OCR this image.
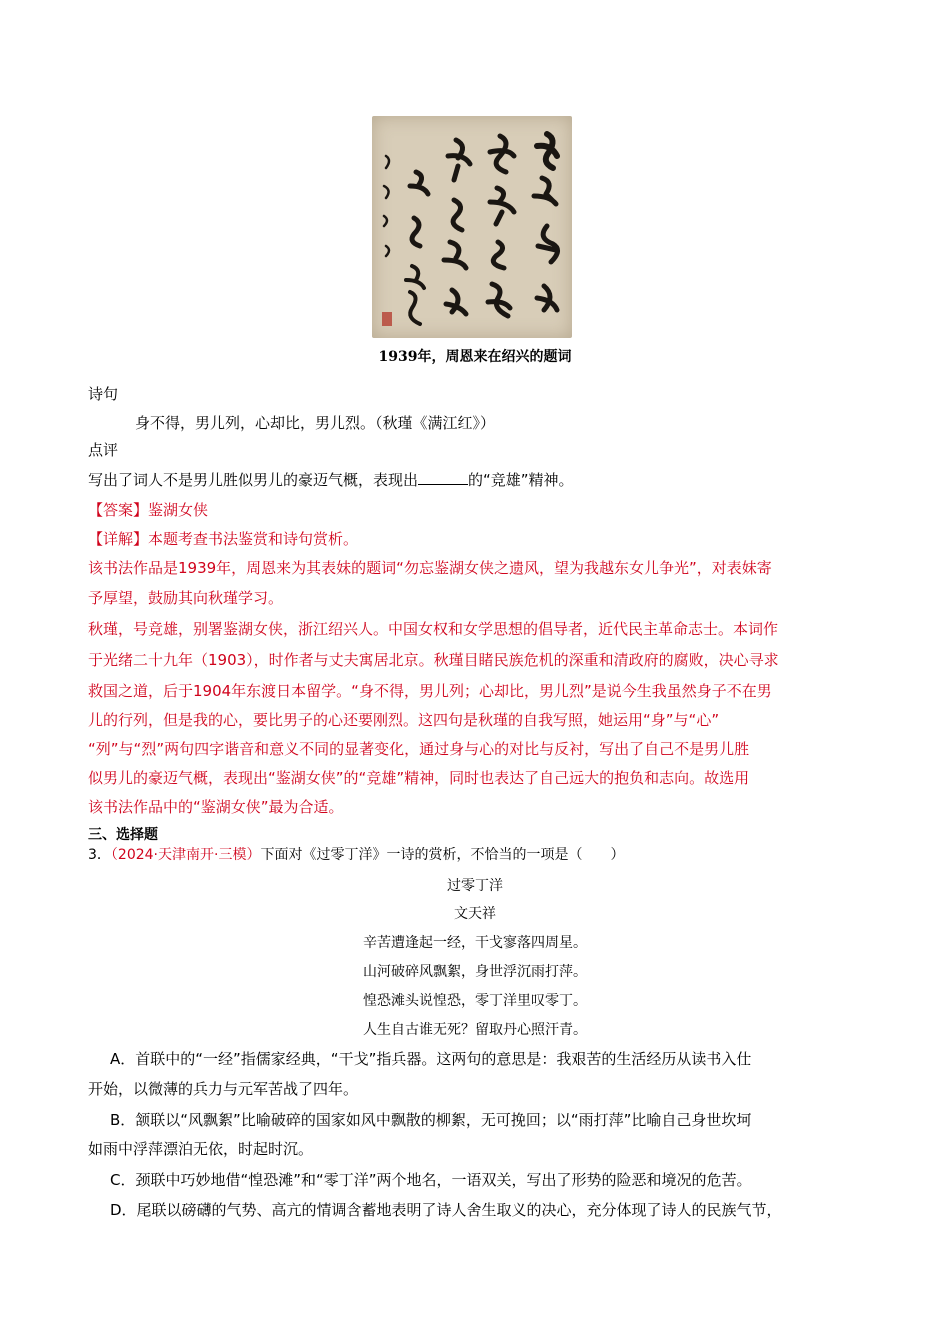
1939年，周恩来在绍兴的题词
诗句
身不得，男儿列，心却比，男儿烈。（秋瑾《满江红》）
点评
写出了词人不是男儿胜似男儿的豪迈气概，表现出	的“竞雄”精神。
【答案】鉴湖女侠
【详解】本题考查书法鉴赏和诗句赏析。
该书法作品是1939年，周恩来为其表妹的题词“勿忘鉴湖女侠之遗风，望为我越东女儿争光”，对表妹寄
予厚望，鼓励其向秋瑾学习。
秋瑾，号竞雄，别署鉴湖女侠，浙江绍兴人。中国女权和女学思想的倡导者，近代民主革命志士。本词作
于光绪二十九年（1903），时作者与丈夫寓居北京。秋瑾目睹民族危机的深重和清政府的腐败，决心寻求
救国之道，后于1904年东渡日本留学。“身不得，男儿列；心却比，男儿烈”是说今生我虽然身子不在男
儿的行列，但是我的心，要比男子的心还要刚烈。这四句是秋瑾的自我写照，她运用“身”与“心”
“列”与“烈”两句四字谐音和意义不同的显著变化，通过身与心的对比与反衬，写出了自己不是男儿胜
似男儿的豪迈气概，表现出“鉴湖女侠”的“竞雄”精神，同时也表达了自己远大的抱负和志向。故选用
该书法作品中的“鉴湖女侠”最为合适。
三、选择题
3．（2024·天津南开·三模）下面对《过零丁洋》一诗的赏析，不恰当的一项是（　　）
过零丁洋
文天祥
辛苦遭逢起一经，干戈寥落四周星。
山河破碎风飘絮，身世浮沉雨打萍。
惶恐滩头说惶恐，零丁洋里叹零丁。
人生自古谁无死？留取丹心照汗青。
A．首联中的“一经”指儒家经典，“干戈”指兵器。这两句的意思是：我艰苦的生活经历从读书入仕
开始，以微薄的兵力与元军苦战了四年。
B．颔联以“风飘絮”比喻破碎的国家如风中飘散的柳絮，无可挽回；以“雨打萍”比喻自己身世坎坷
如雨中浮萍漂泊无依，时起时沉。
C．颈联中巧妙地借“惶恐滩”和“零丁洋”两个地名，一语双关，写出了形势的险恶和境况的危苦。
D．尾联以磅礴的气势、高亢的情调含蓄地表明了诗人舍生取义的决心，充分体现了诗人的民族气节，
